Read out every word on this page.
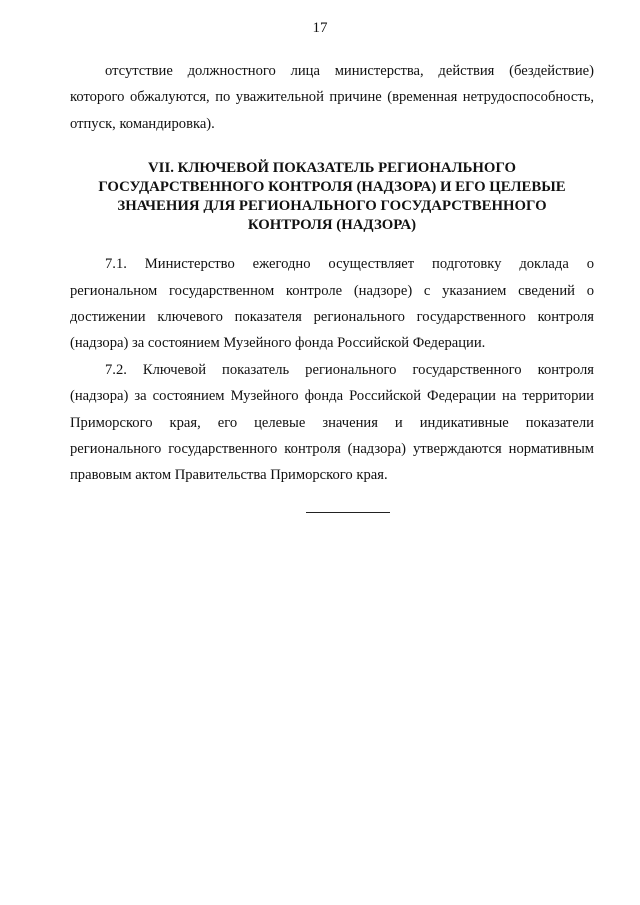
17

отсутствие должностного лица министерства, действия (бездействие) которого обжалуются, по уважительной причине (временная нетрудоспособность, отпуск, командировка).

VII. КЛЮЧЕВОЙ ПОКАЗАТЕЛЬ РЕГИОНАЛЬНОГО
ГОСУДАРСТВЕННОГО КОНТРОЛЯ (НАДЗОРА) И ЕГО ЦЕЛЕВЫЕ
ЗНАЧЕНИЯ ДЛЯ РЕГИОНАЛЬНОГО ГОСУДАРСТВЕННОГО
КОНТРОЛЯ (НАДЗОРА)

7.1. Министерство ежегодно осуществляет подготовку доклада о региональном государственном контроле (надзоре) с указанием сведений о достижении ключевого показателя регионального государственного контроля (надзора) за состоянием Музейного фонда Российской Федерации.

7.2. Ключевой показатель регионального государственного контроля (надзора) за состоянием Музейного фонда Российской Федерации на территории Приморского края, его целевые значения и индикативные показатели регионального государственного контроля (надзора) утверждаются нормативным правовым актом Правительства Приморского края.
